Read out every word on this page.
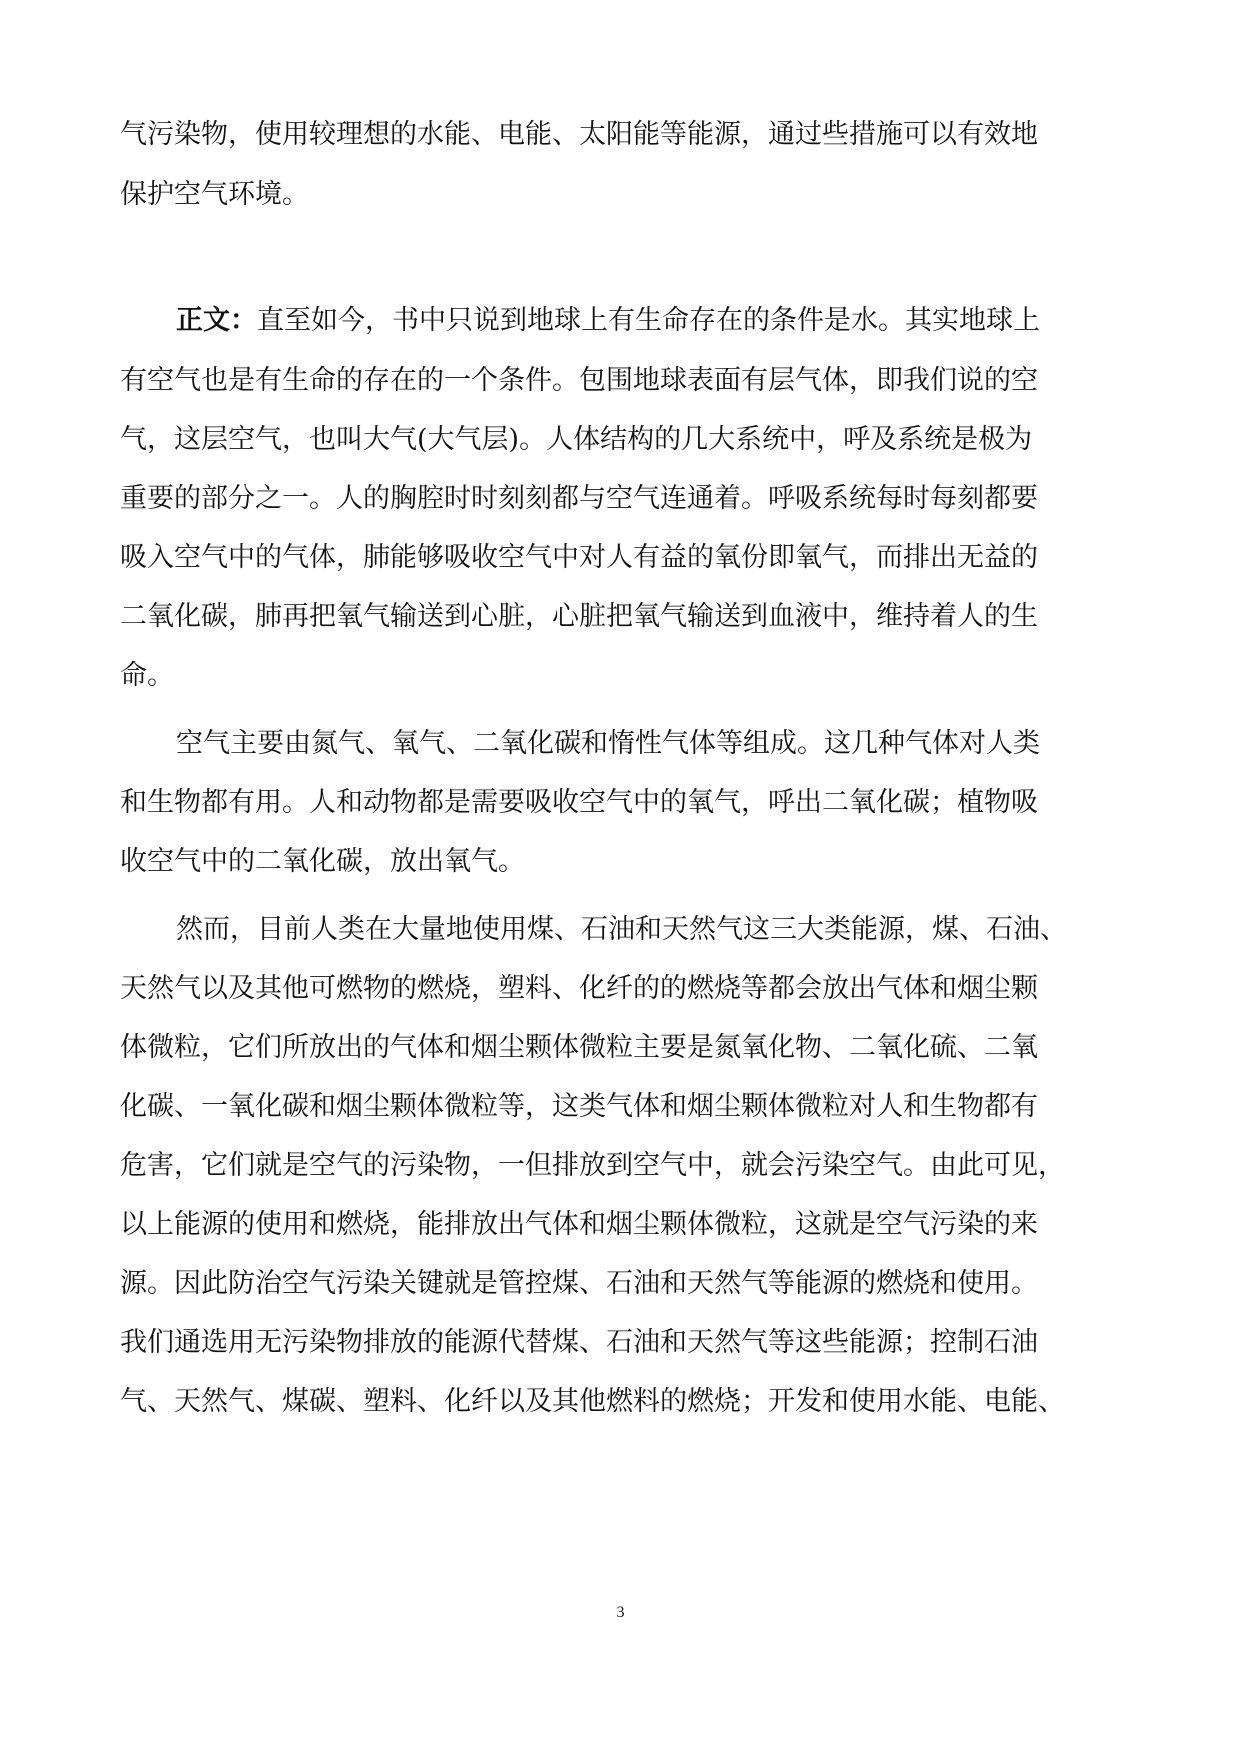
气污染物，使用较理想的水能、电能、太阳能等能源，通过些措施可以有效地
保护空气环境。
正文：直至如今，书中只说到地球上有生命存在的条件是水。其实地球上
有空气也是有生命的存在的一个条件。包围地球表面有层气体，即我们说的空
气，这层空气，也叫大气(大气层)。人体结构的几大系统中，呼及系统是极为
重要的部分之一。人的胸腔时时刻刻都与空气连通着。呼吸系统每时每刻都要
吸入空气中的气体，肺能够吸收空气中对人有益的氧份即氧气，而排出无益的
二氧化碳，肺再把氧气输送到心脏，心脏把氧气输送到血液中，维持着人的生
命。
空气主要由氮气、氧气、二氧化碳和惰性气体等组成。这几种气体对人类
和生物都有用。人和动物都是需要吸收空气中的氧气，呼出二氧化碳；植物吸
收空气中的二氧化碳，放出氧气。
然而，目前人类在大量地使用煤、石油和天然气这三大类能源，煤、石油、
天然气以及其他可燃物的燃烧，塑料、化纤的的燃烧等都会放出气体和烟尘颗
体微粒，它们所放出的气体和烟尘颗体微粒主要是氮氧化物、二氧化硫、二氧
化碳、一氧化碳和烟尘颗体微粒等，这类气体和烟尘颗体微粒对人和生物都有
危害，它们就是空气的污染物，一但排放到空气中，就会污染空气。由此可见，
以上能源的使用和燃烧，能排放出气体和烟尘颗体微粒，这就是空气污染的来
源。因此防治空气污染关键就是管控煤、石油和天然气等能源的燃烧和使用。
我们通选用无污染物排放的能源代替煤、石油和天然气等这些能源；控制石油
气、天然气、煤碳、塑料、化纤以及其他燃料的燃烧；开发和使用水能、电能、
3
